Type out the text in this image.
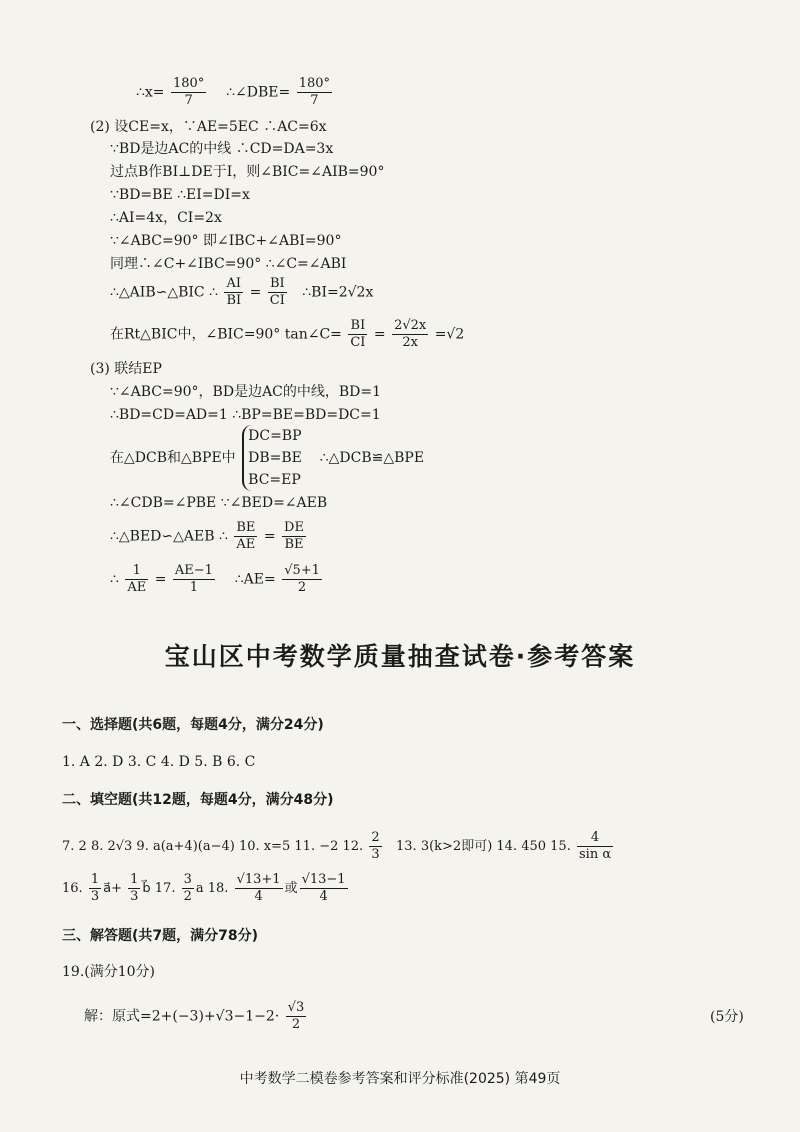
∴x= $\frac{180^\circ}{7}$ ∴∠DBE= $\frac{180^\circ}{7}$
(2) 设CE=x，∵AE=5EC ∴AC=6x
∵BD是边AC的中线 ∴CD=DA=3x
过点B作BI⊥DE于I，则∠BIC=∠AIB=90°
∵BD=BE ∴EI=DI=x
∴AI=4x，CI=2x
∵∠ABC=90° 即∠IBC+∠ABI=90°
同理∴∠C+∠IBC=90° ∴∠C=∠ABI
∴△AIB∽△BIC ∴ $\frac{AI}{BI} = \frac{BI}{CI}$ ∴BI=2√2x
在Rt△BIC中，∠BIC=90° tan∠C= $\frac{BI}{CI} = \frac{2√2x}{2x} =√2$
(3) 联结EP
∵∠ABC=90°，BD是边AC的中线，BD=1
∴BD=CD=AD=1 ∴BP=BE=BD=DC=1
在△DCB和△BPE中
DC=BP
DB=BE
BC=EP
∴△DCB≌△BPE
∴∠CDB=∠PBE ∵∠BED=∠AEB
∴△BED∽△AEB ∴ $\frac{BE}{AE} = \frac{DE}{BE}$
∴ $\frac{1}{AE} = \frac{AE-1}{1}$ ∴AE= $\frac{√5+1}{2}$
宝山区中考数学质量抽查试卷·参考答案
一、选择题(共6题，每题4分，满分24分)
1. A 2. D 3. C 4. D 5. B 6. C
二、填空题(共12题，每题4分，满分48分)
7. 2 8. 2√3 9. a(a+4)(a−4) 10. x=5 11. −2 12. $\frac{2}{3} 13$. 3(k>2即可) 14. 450 15. $\frac{4}{\text{sin α}}$
16. $\frac{1}{3}$ a⃗+ $\frac{1}{3}$ b⃗ 17. $\frac{3}{2}$ a 18. $\frac{√13+1}{4}$ 或 $\frac{√13-1}{4}$
三、解答题(共7题，满分78分)
19.(满分10分)
解：原式$=2+(-3)+√3-1-2\cdot \frac{√3}{2}$	(5分)
中考数学二模卷参考答案和评分标准(2025) 第49页
